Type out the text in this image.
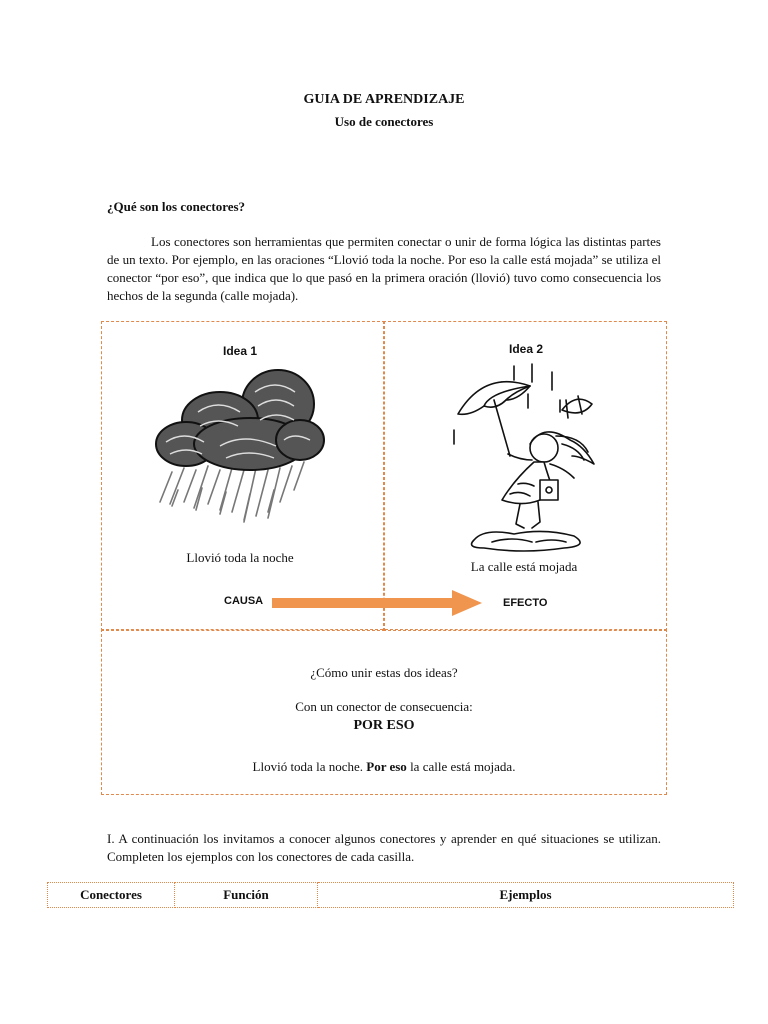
GUIA DE APRENDIZAJE
Uso de conectores
¿Qué son los conectores?
Los conectores son herramientas que permiten conectar o unir de forma lógica las distintas partes de un texto. Por ejemplo, en las oraciones “Llovió toda la noche. Por eso la calle está mojada” se utiliza el conector “por eso”, que indica que lo que pasó en la primera oración (llovió) tuvo como consecuencia los hechos de la segunda (calle mojada).
Idea 1
Llovió toda la noche
Idea 2
La calle está mojada
CAUSA	EFECTO
¿Cómo unir estas dos ideas?
Con un conector de consecuencia:
POR ESO
Llovió toda la noche. Por eso la calle está mojada.
I. A continuación los invitamos a conocer algunos conectores y aprender en qué situaciones se utilizan. Completen los ejemplos con los conectores de cada casilla.
Conectores	Función	Ejemplos
